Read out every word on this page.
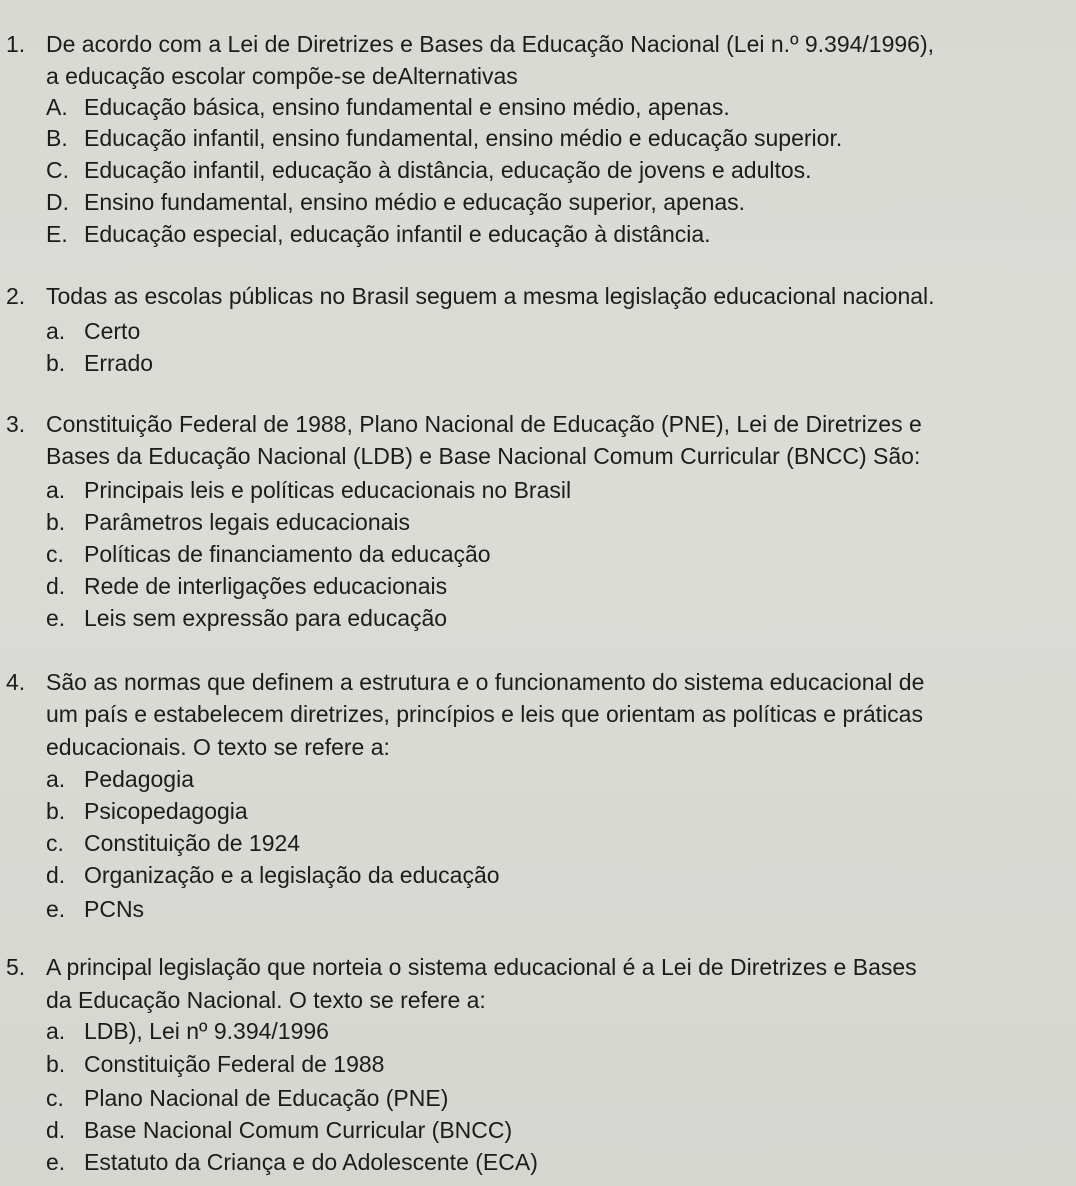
1. De acordo com a Lei de Diretrizes e Bases da Educação Nacional (Lei n.º 9.394/1996),
a educação escolar compõe-se deAlternativas
A. Educação básica, ensino fundamental e ensino médio, apenas.
B. Educação infantil, ensino fundamental, ensino médio e educação superior.
C. Educação infantil, educação à distância, educação de jovens e adultos.
D. Ensino fundamental, ensino médio e educação superior, apenas.
E. Educação especial, educação infantil e educação à distância.
2. Todas as escolas públicas no Brasil seguem a mesma legislação educacional nacional.
a. Certo
b. Errado
3. Constituição Federal de 1988, Plano Nacional de Educação (PNE), Lei de Diretrizes e
Bases da Educação Nacional (LDB) e Base Nacional Comum Curricular (BNCC) São:
a. Principais leis e políticas educacionais no Brasil
b. Parâmetros legais educacionais
c. Políticas de financiamento da educação
d. Rede de interligações educacionais
e. Leis sem expressão para educação
4. São as normas que definem a estrutura e o funcionamento do sistema educacional de
um país e estabelecem diretrizes, princípios e leis que orientam as políticas e práticas
educacionais. O texto se refere a:
a. Pedagogia
b. Psicopedagogia
c. Constituição de 1924
d. Organização e a legislação da educação
e. PCNs
5. A principal legislação que norteia o sistema educacional é a Lei de Diretrizes e Bases
da Educação Nacional. O texto se refere a:
a. LDB), Lei nº 9.394/1996
b. Constituição Federal de 1988
c. Plano Nacional de Educação (PNE)
d. Base Nacional Comum Curricular (BNCC)
e. Estatuto da Criança e do Adolescente (ECA)
